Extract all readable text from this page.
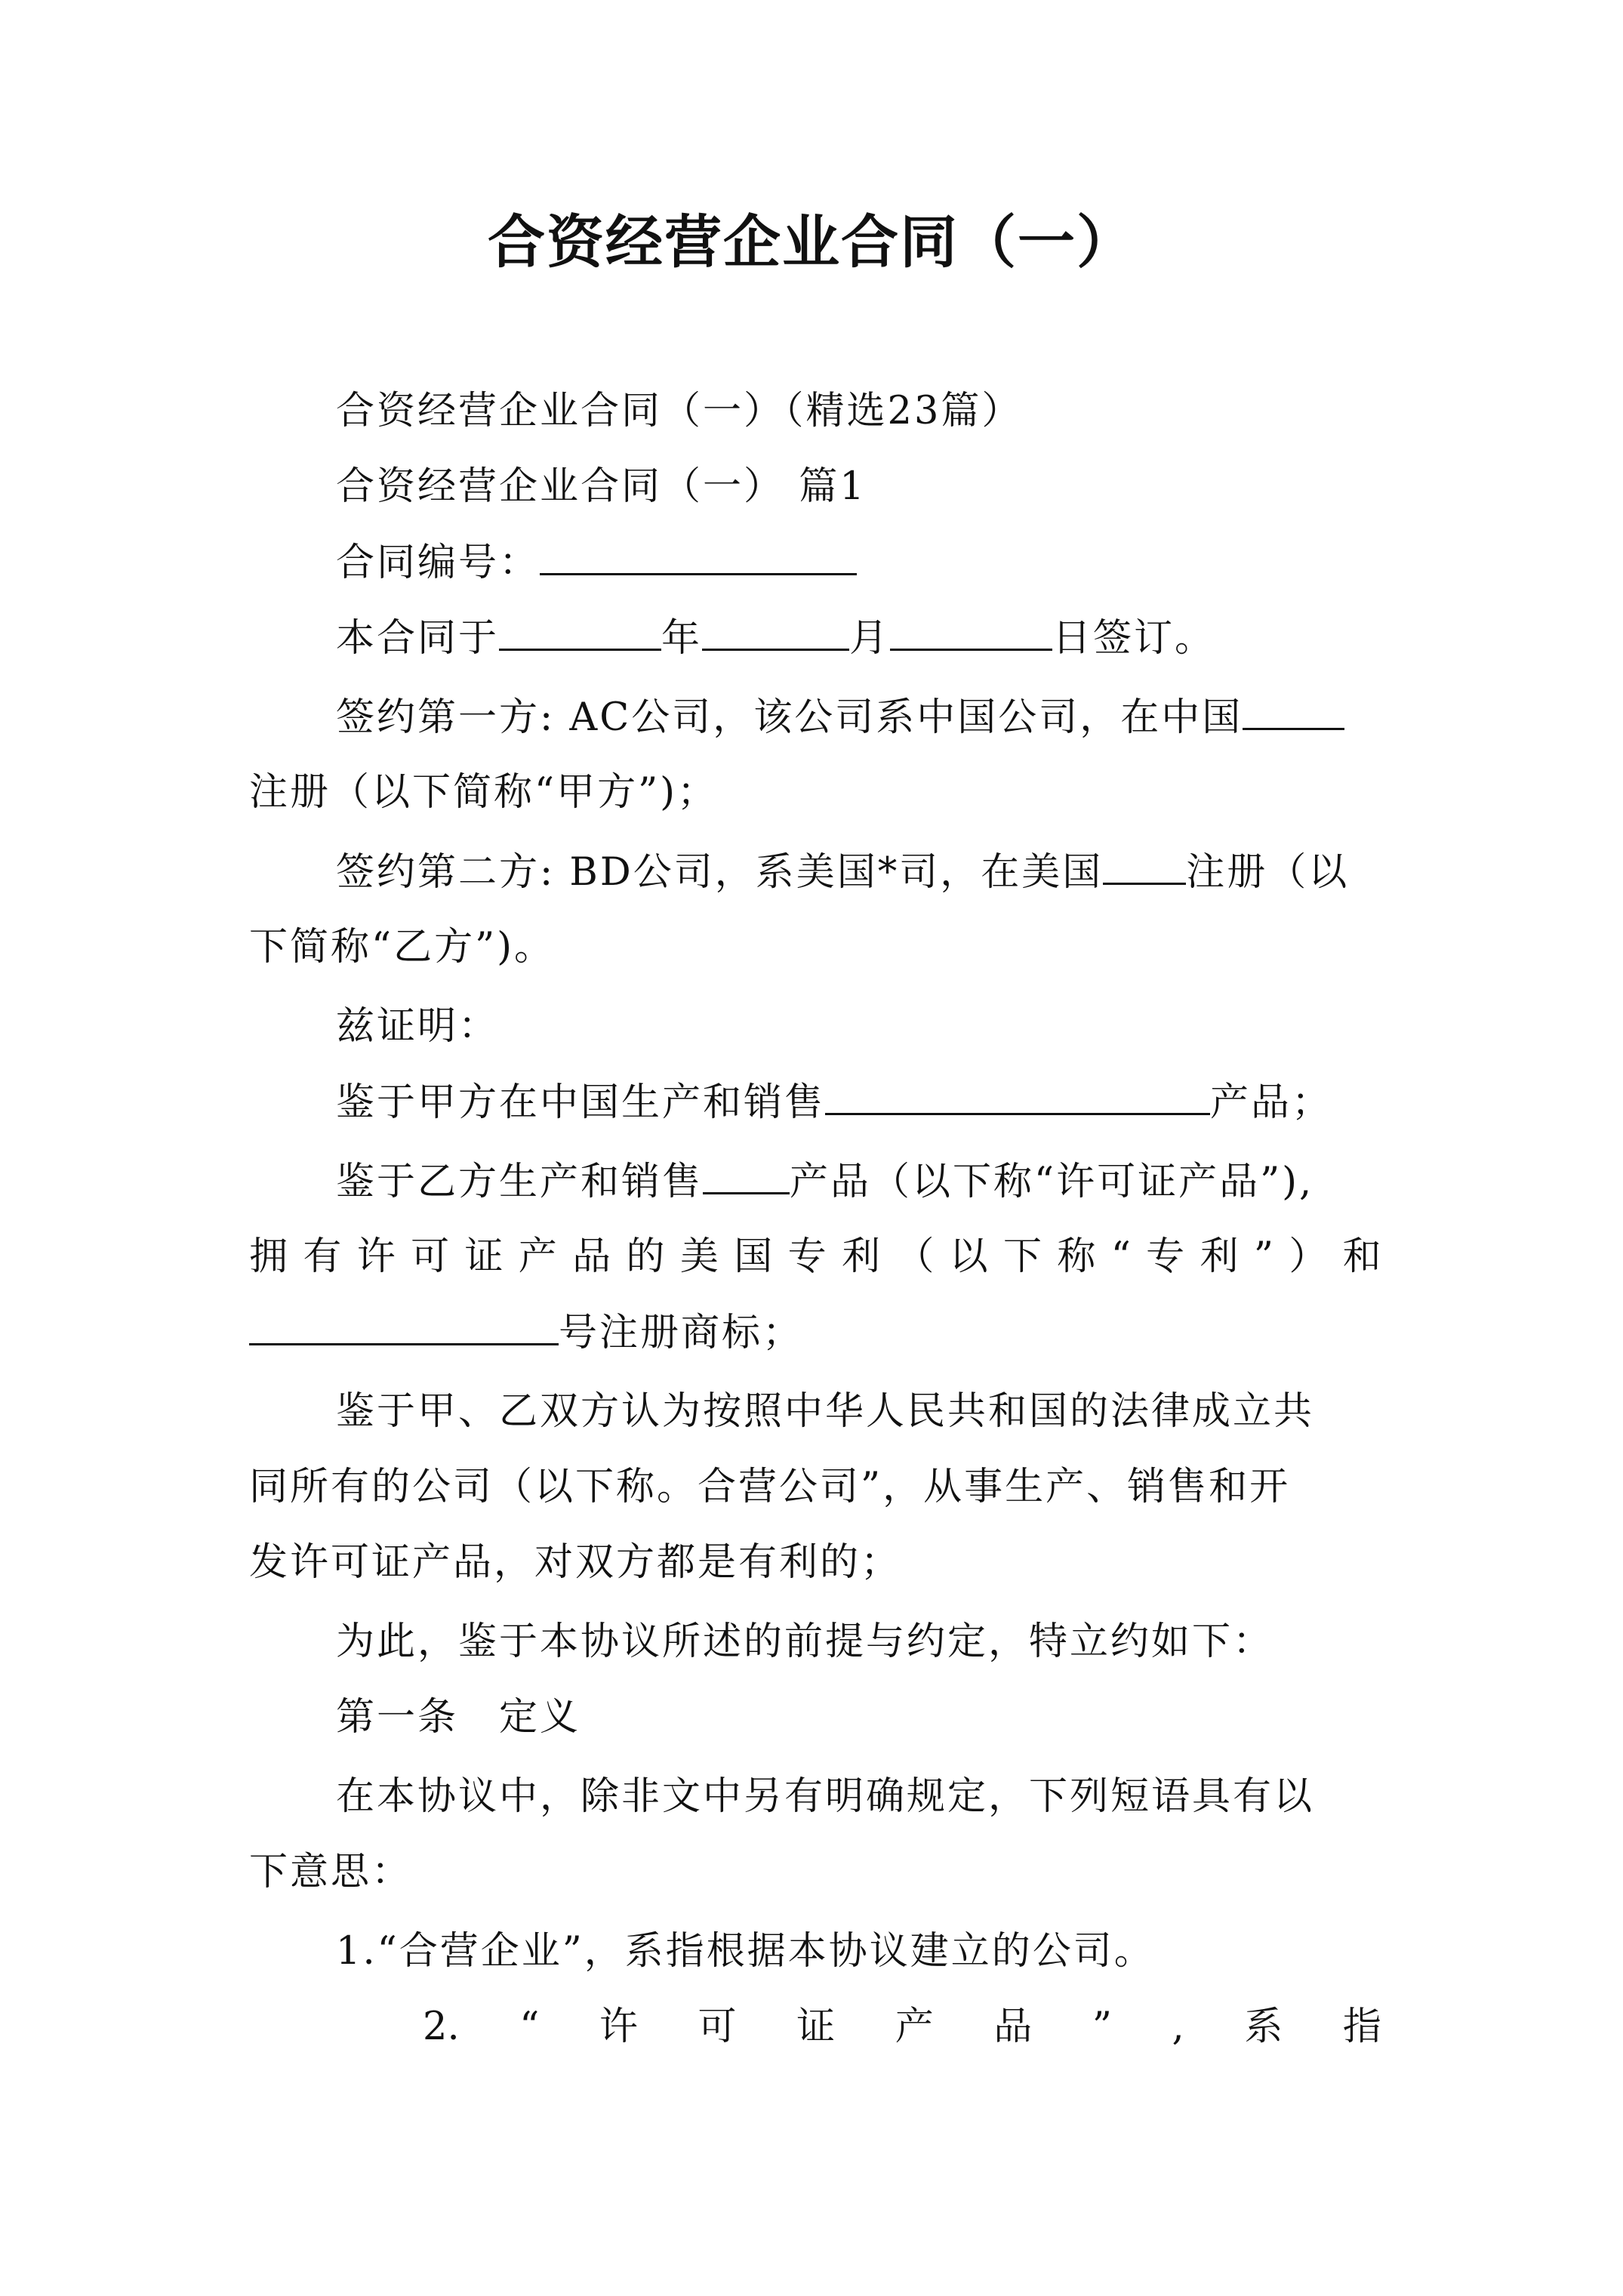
合资经营企业合同（一）
合资经营企业合同（一）（精选23篇）
合资经营企业合同（一） 篇1
合同编号：
本合同于	年	月	日签订。
签约第一方: AC公司，该公司系中国公司，在中国
注册（以下简称“甲方”)；
签约第二方: BD公司，系美国*司，在美国 注册（以
下简称“乙方”)。
兹证明：
鉴于甲方在中国生产和销售	产品；
鉴于乙方生产和销售 产品（以下称“许可证产品”),
拥 有 许 可 证 产 品 的 美 国 专 利 （ 以 下 称 “ 专 利 ” ） 和
号注册商标；
鉴于甲、乙双方认为按照中华人民共和国的法律成立共
同所有的公司（以下称。合营公司”，从事生产、销售和开
发许可证产品，对双方都是有利的；
为此，鉴于本协议所述的前提与约定，特立约如下：
第一条　定义
在本协议中，除非文中另有明确规定，下列短语具有以
下意思：
1.“合营企业”，系指根据本协议建立的公司。
2. “ 许 可 证 产 品 ” , 系 指
